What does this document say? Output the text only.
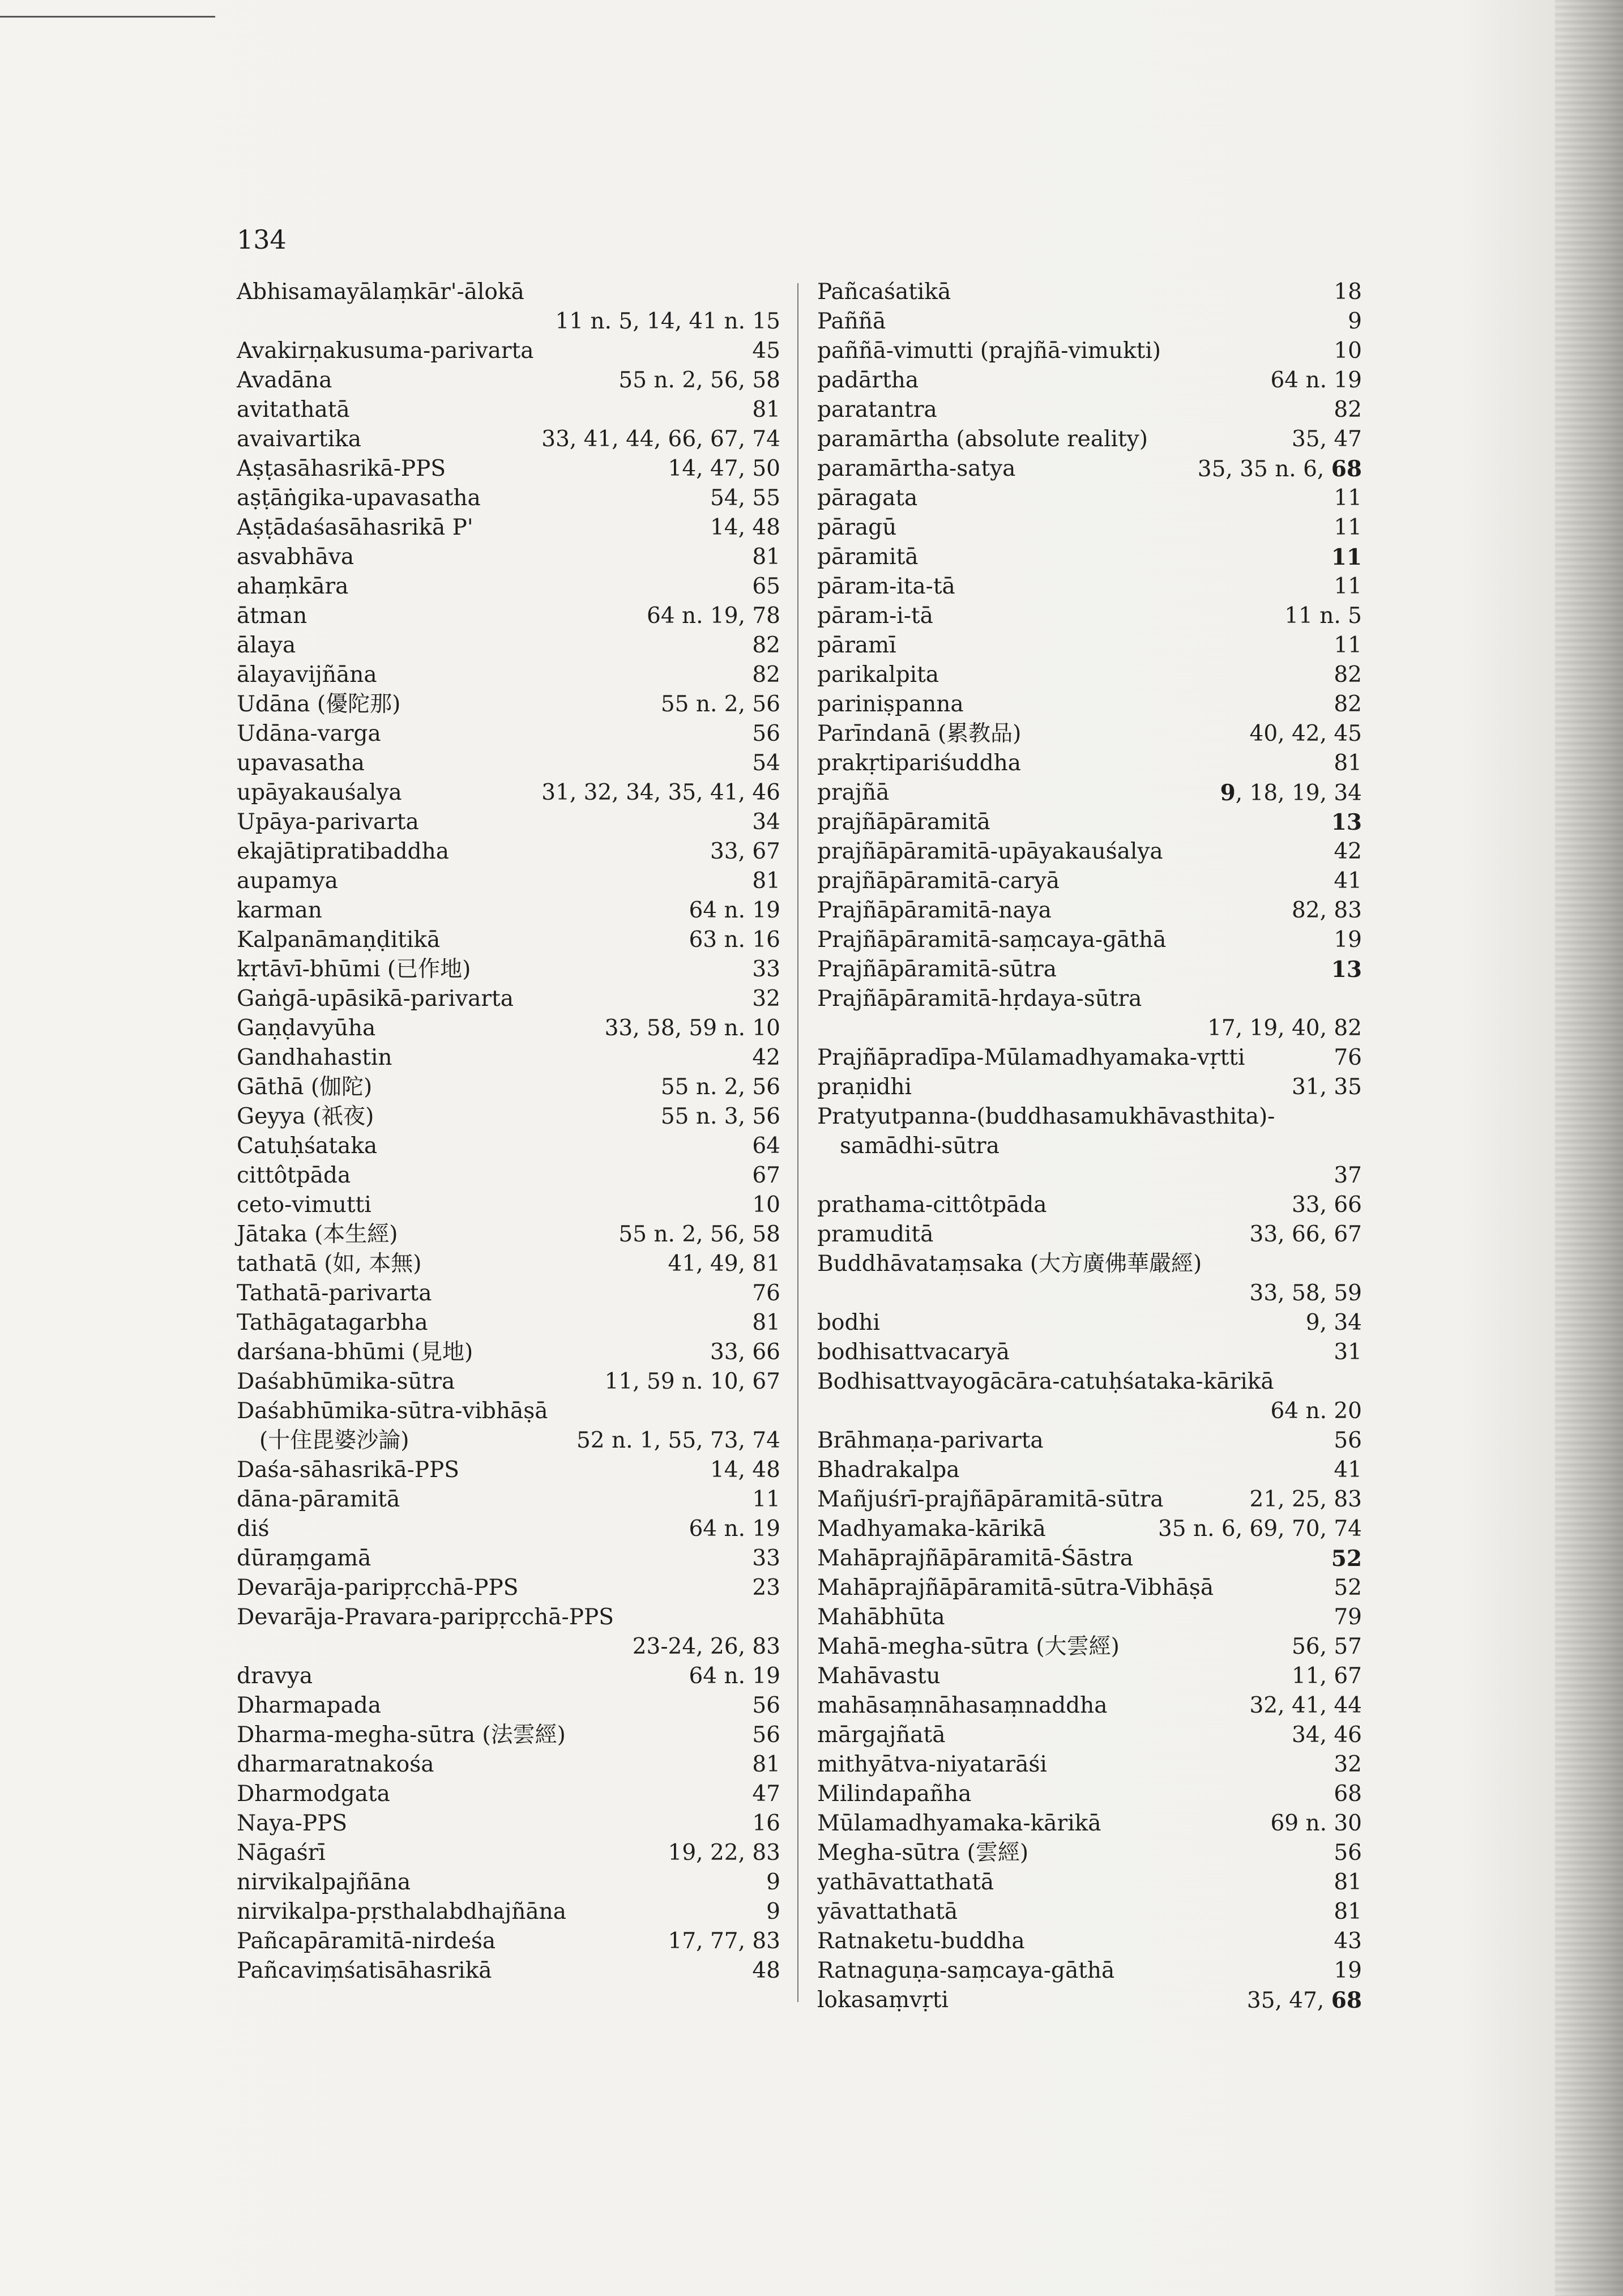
134
Abhisamayālaṃkār'-ālokā
11 n. 5, 14, 41 n. 15
Avakirṇakusuma-parivarta	45
Avadāna	55 n. 2, 56, 58
avitathatā	81
avaivartika	33, 41, 44, 66, 67, 74
Aṣṭasāhasrikā-PPS	14, 47, 50
aṣṭāṅgika-upavasatha	54, 55
Aṣṭādaśasāhasrikā P'	14, 48
asvabhāva	81
ahaṃkāra	65
ātman	64 n. 19, 78
ālaya	82
ālayavijñāna	82
Udāna (優陀那)	55 n. 2, 56
Udāna-varga	56
upavasatha	54
upāyakauśalya	31, 32, 34, 35, 41, 46
Upāya-parivarta	34
ekajātipratibaddha	33, 67
aupamya	81
karman	64 n. 19
Kalpanāmaṇḍitikā	63 n. 16
kṛtāvī-bhūmi (已作地)	33
Gaṅgā-upāsikā-parivarta	32
Gaṇḍavyūha	33, 58, 59 n. 10
Gandhahastin	42
Gāthā (伽陀)	55 n. 2, 56
Geyya (祇夜)	55 n. 3, 56
Catuḥśataka	64
cittôtpāda	67
ceto-vimutti	10
Jātaka (本生經)	55 n. 2, 56, 58
tathatā (如, 本無)	41, 49, 81
Tathatā-parivarta	76
Tathāgatagarbha	81
darśana-bhūmi (見地)	33, 66
Daśabhūmika-sūtra	11, 59 n. 10, 67
Daśabhūmika-sūtra-vibhāṣā
(十住毘婆沙論)	52 n. 1, 55, 73, 74
Daśa-sāhasrikā-PPS	14, 48
dāna-pāramitā	11
diś	64 n. 19
dūraṃgamā	33
Devarāja-paripṛcchā-PPS	23
Devarāja-Pravara-paripṛcchā-PPS
23-24, 26, 83
dravya	64 n. 19
Dharmapada	56
Dharma-megha-sūtra (法雲經)	56
dharmaratnakośa	81
Dharmodgata	47
Naya-PPS	16
Nāgaśrī	19, 22, 83
nirvikalpajñāna	9
nirvikalpa-pṛsthalabdhajñāna	9
Pañcapāramitā-nirdeśa	17, 77, 83
Pañcaviṃśatisāhasrikā	48
Pañcaśatikā	18
Paññā	9
paññā-vimutti (prajñā-vimukti)	10
padārtha	64 n. 19
paratantra	82
paramārtha (absolute reality)	35, 47
paramārtha-satya	35, 35 n. 6, 68
pāragata	11
pāragū	11
pāramitā	11
pāram-ita-tā	11
pāram-i-tā	11 n. 5
pāramī	11
parikalpita	82
pariniṣpanna	82
Parīndanā (累教品)	40, 42, 45
prakṛtipariśuddha	81
prajñā	9, 18, 19, 34
prajñāpāramitā	13
prajñāpāramitā-upāyakauśalya	42
prajñāpāramitā-caryā	41
Prajñāpāramitā-naya	82, 83
Prajñāpāramitā-saṃcaya-gāthā	19
Prajñāpāramitā-sūtra	13
Prajñāpāramitā-hṛdaya-sūtra
17, 19, 40, 82
Prajñāpradīpa-Mūlamadhyamaka-vṛtti	76
praṇidhi	31, 35
Pratyutpanna-(buddhasamukhāvasthita)-
samādhi-sūtra
37
prathama-cittôtpāda	33, 66
pramuditā	33, 66, 67
Buddhāvataṃsaka (大方廣佛華嚴經)
33, 58, 59
bodhi	9, 34
bodhisattvacaryā	31
Bodhisattvayogācāra-catuḥśataka-kārikā
64 n. 20
Brāhmaṇa-parivarta	56
Bhadrakalpa	41
Mañjuśrī-prajñāpāramitā-sūtra	21, 25, 83
Madhyamaka-kārikā	35 n. 6, 69, 70, 74
Mahāprajñāpāramitā-Śāstra	52
Mahāprajñāpāramitā-sūtra-Vibhāṣā	52
Mahābhūta	79
Mahā-megha-sūtra (大雲經)	56, 57
Mahāvastu	11, 67
mahāsaṃnāhasaṃnaddha	32, 41, 44
mārgajñatā	34, 46
mithyātva-niyatarāśi	32
Milindapañha	68
Mūlamadhyamaka-kārikā	69 n. 30
Megha-sūtra (雲經)	56
yathāvattathatā	81
yāvattathatā	81
Ratnaketu-buddha	43
Ratnaguṇa-saṃcaya-gāthā	19
lokasaṃvṛti	35, 47, 68
